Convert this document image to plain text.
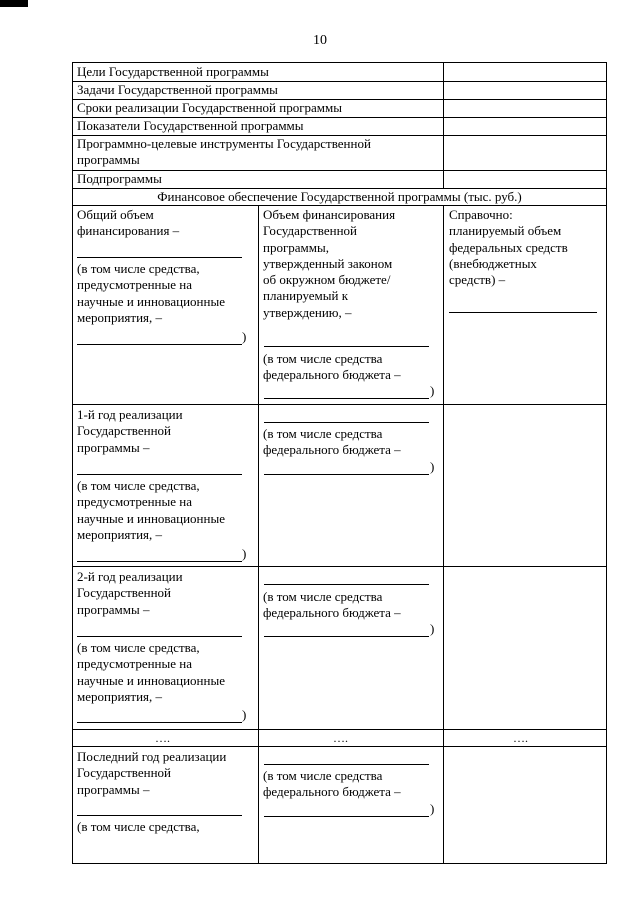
10
Цели Государственной программы
Задачи Государственной программы
Сроки реализации Государственной программы
Показатели Государственной программы

Программно-целевые инструменты Государственной

программы

Подпрограммы
Финансовое обеспечение Государственной программы (тыс. руб.)

Общий объем

финансирования –

(в том числе средства,

предусмотренные на

научные и инновационные

мероприятия, –

)

Объем финансирования

Государственной

программы,

утвержденный законом

об окружном бюджете/

планируемый к

утверждению, –

(в том числе средства

федерального бюджета –

)

Справочно:

планируемый объем

федеральных средств

(внебюджетных

средств) –

1-й год реализации

Государственной

программы –

(в том числе средства,

предусмотренные на

научные и инновационные

мероприятия, –

)

(в том числе средства

федерального бюджета –

)

2-й год реализации

Государственной

программы –

(в том числе средства,

предусмотренные на

научные и инновационные

мероприятия, –

)

(в том числе средства

федерального бюджета –

)
….	….	….

Последний год реализации

Государственной

программы –

(в том числе средства,

(в том числе средства

федерального бюджета –

)
